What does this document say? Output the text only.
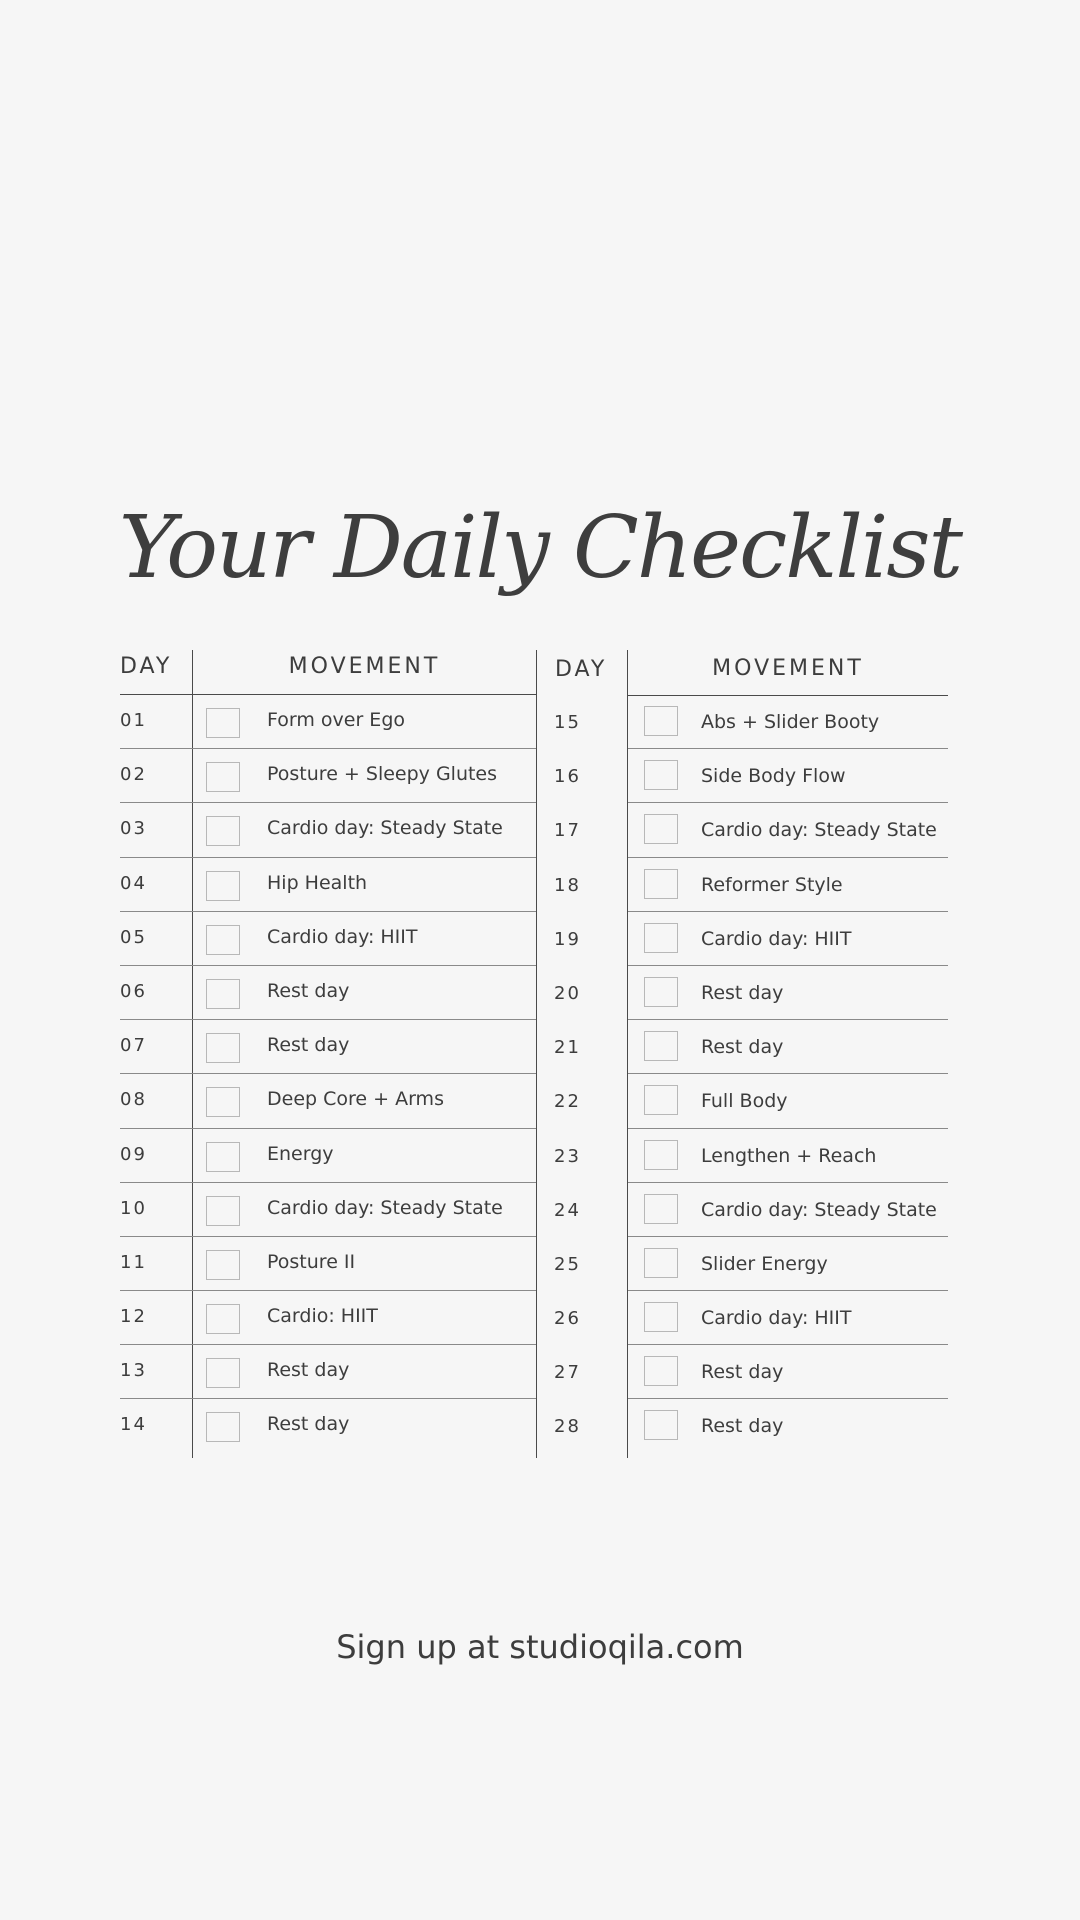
Your Daily Checklist
DAY	MOVEMENT
01	Form over Ego
02	Posture + Sleepy Glutes
03	Cardio day: Steady State
04	Hip Health
05	Cardio day: HIIT
06	Rest day
07	Rest day
08	Deep Core + Arms
09	Energy
10	Cardio day: Steady State
11	Posture II
12	Cardio: HIIT
13	Rest day
14	Rest day
DAY	MOVEMENT
15	Abs + Slider Booty
16	Side Body Flow
17	Cardio day: Steady State
18	Reformer Style
19	Cardio day: HIIT
20	Rest day
21	Rest day
22	Full Body
23	Lengthen + Reach
24	Cardio day: Steady State
25	Slider Energy
26	Cardio day: HIIT
27	Rest day
28	Rest day
Sign up at studioqila.com
